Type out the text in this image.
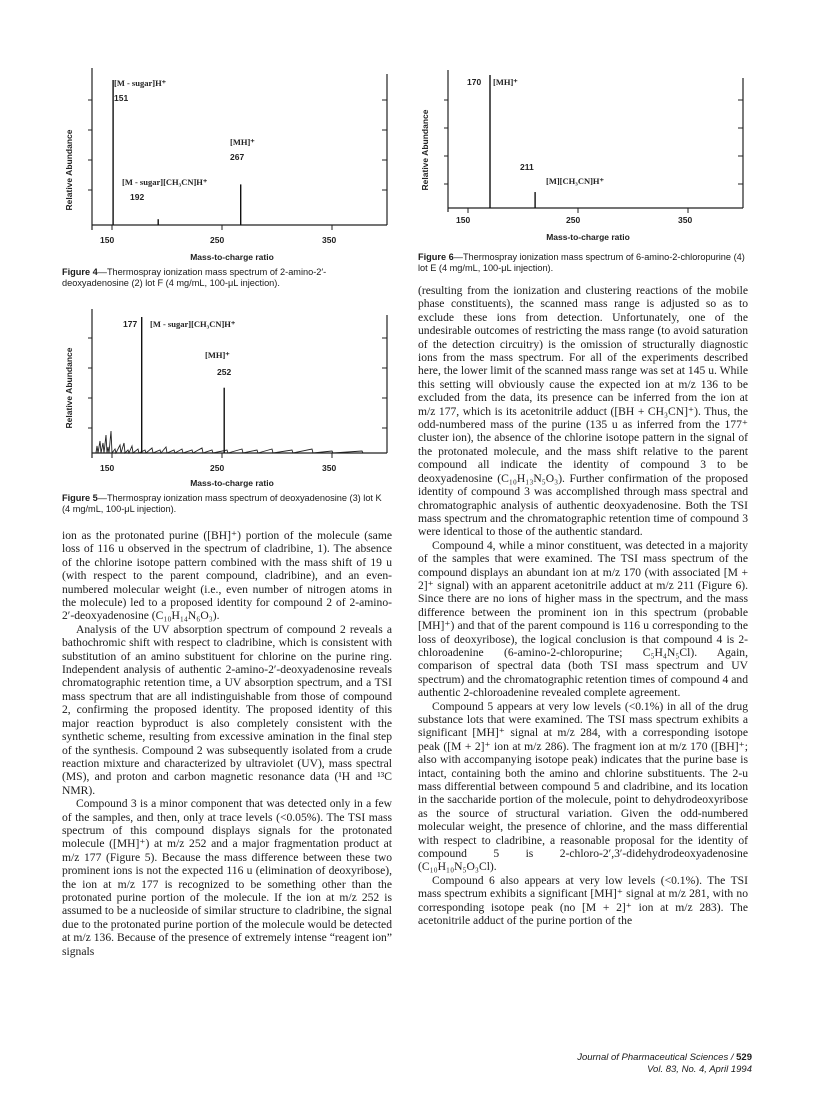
Relative Abundance
150	250	350
[M - sugar]H⁺
151
[MH]⁺
267
[M - sugar][CH₃CN]H⁺
192
Mass-to-charge ratio
Figure 4—Thermospray ionization mass spectrum of 2-amino-2′-deoxyadenosine (2) lot F (4 mg/mL, 100-μL injection).
Relative Abundance
150	250	350
177 [M - sugar][CH₃CN]H⁺
[MH]⁺
252
Mass-to-charge ratio
Figure 5—Thermospray ionization mass spectrum of deoxyadenosine (3) lot K (4 mg/mL, 100-μL injection).

ion as the protonated purine ([BH]⁺) portion of the molecule (same loss of 116 u observed in the spectrum of cladribine, 1). The absence of the chlorine isotope pattern combined with the mass shift of 19 u (with respect to the parent compound, cladribine), and an even-numbered molecular weight (i.e., even number of nitrogen atoms in the molecule) led to a proposed identity for compound 2 of 2-amino-2′-deoxyadenosine (C₁₀H₁₄N₆O₃).

Analysis of the UV absorption spectrum of compound 2 reveals a bathochromic shift with respect to cladribine, which is consistent with substitution of an amino substituent for chlorine on the purine ring. Independent analysis of authentic 2-amino-2′-deoxyadenosine reveals chromatographic retention time, a UV absorption spectrum, and a TSI mass spectrum that are all indistinguishable from those of compound 2, confirming the proposed identity. The proposed identity of this major reaction byproduct is also completely consistent with the synthetic scheme, resulting from excessive amination in the final step of the synthesis. Compound 2 was subsequently isolated from a crude reaction mixture and characterized by ultraviolet (UV), mass spectral (MS), and proton and carbon magnetic resonance data (¹H and ¹³C NMR).

Compound 3 is a minor component that was detected only in a few of the samples, and then, only at trace levels (<0.05%). The TSI mass spectrum of this compound displays signals for the protonated molecule ([MH]⁺) at m/z 252 and a major fragmentation product at m/z 177 (Figure 5). Because the mass difference between these two prominent ions is not the expected 116 u (elimination of deoxyribose), the ion at m/z 177 is recognized to be something other than the protonated purine portion of the molecule. If the ion at m/z 252 is assumed to be a nucleoside of similar structure to cladribine, the signal due to the protonated purine portion of the molecule would be detected at m/z 136. Because of the presence of extremely intense “reagent ion” signals

Relative Abundance
150	250	350
170 [MH]⁺
211
[M][CH₃CN]H⁺
Mass-to-charge ratio
Figure 6—Thermospray ionization mass spectrum of 6-amino-2-chloropurine (4) lot E (4 mg/mL, 100-μL injection).

(resulting from the ionization and clustering reactions of the mobile phase constituents), the scanned mass range is adjusted so as to exclude these ions from detection. Unfortunately, one of the undesirable outcomes of restricting the mass range (to avoid saturation of the detection circuitry) is the omission of structurally diagnostic ions from the mass spectrum. For all of the experiments described here, the lower limit of the scanned mass range was set at 145 u. While this setting will obviously cause the expected ion at m/z 136 to be excluded from the data, its presence can be inferred from the ion at m/z 177, which is its acetonitrile adduct ([BH + CH₃CN]⁺). Thus, the odd-numbered mass of the purine (135 u as inferred from the 177⁺ cluster ion), the absence of the chlorine isotope pattern in the signal of the protonated molecule, and the mass shift relative to the parent compound all indicate the identity of compound 3 to be deoxyadenosine (C₁₀H₁₃N₅O₃). Further confirmation of the proposed identity of compound 3 was accomplished through mass spectral and chromatographic analysis of authentic deoxyadenosine. Both the TSI mass spectrum and the chromatographic retention time of compound 3 were identical to those of the authentic standard.

Compound 4, while a minor constituent, was detected in a majority of the samples that were examined. The TSI mass spectrum of the compound displays an abundant ion at m/z 170 (with associated [M + 2]⁺ signal) with an apparent acetonitrile adduct at m/z 211 (Figure 6). Since there are no ions of higher mass in the spectrum, and the mass difference between the prominent ion in this spectrum (probable [MH]⁺) and that of the parent compound is 116 u corresponding to the loss of deoxyribose), the logical conclusion is that compound 4 is 2-chloroadenine (6-amino-2-chloropurine; C₅H₄N₅Cl). Again, comparison of spectral data (both TSI mass spectrum and UV spectrum) and the chromatographic retention times of compound 4 and authentic 2-chloroadenine revealed complete agreement.

Compound 5 appears at very low levels (<0.1%) in all of the drug substance lots that were examined. The TSI mass spectrum exhibits a significant [MH]⁺ signal at m/z 284, with a corresponding isotope peak ([M + 2]⁺ ion at m/z 286). The fragment ion at m/z 170 ([BH]⁺; also with accompanying isotope peak) indicates that the purine base is intact, containing both the amino and chlorine substituents. The 2-u mass differential between compound 5 and cladribine, and its location in the saccharide portion of the molecule, point to dehydrodeoxyribose as the source of structural variation. Given the odd-numbered molecular weight, the presence of chlorine, and the mass differential with respect to cladribine, a reasonable proposal for the identity of compound 5 is 2-chloro-2′,3′-didehydrodeoxyadenosine (C₁₀H₁₀N₅O₃Cl).

Compound 6 also appears at very low levels (<0.1%). The TSI mass spectrum exhibits a significant [MH]⁺ signal at m/z 281, with no corresponding isotope peak (no [M + 2]⁺ ion at m/z 283). The acetonitrile adduct of the purine portion of the

Journal of Pharmaceutical Sciences / 529
Vol. 83, No. 4, April 1994
